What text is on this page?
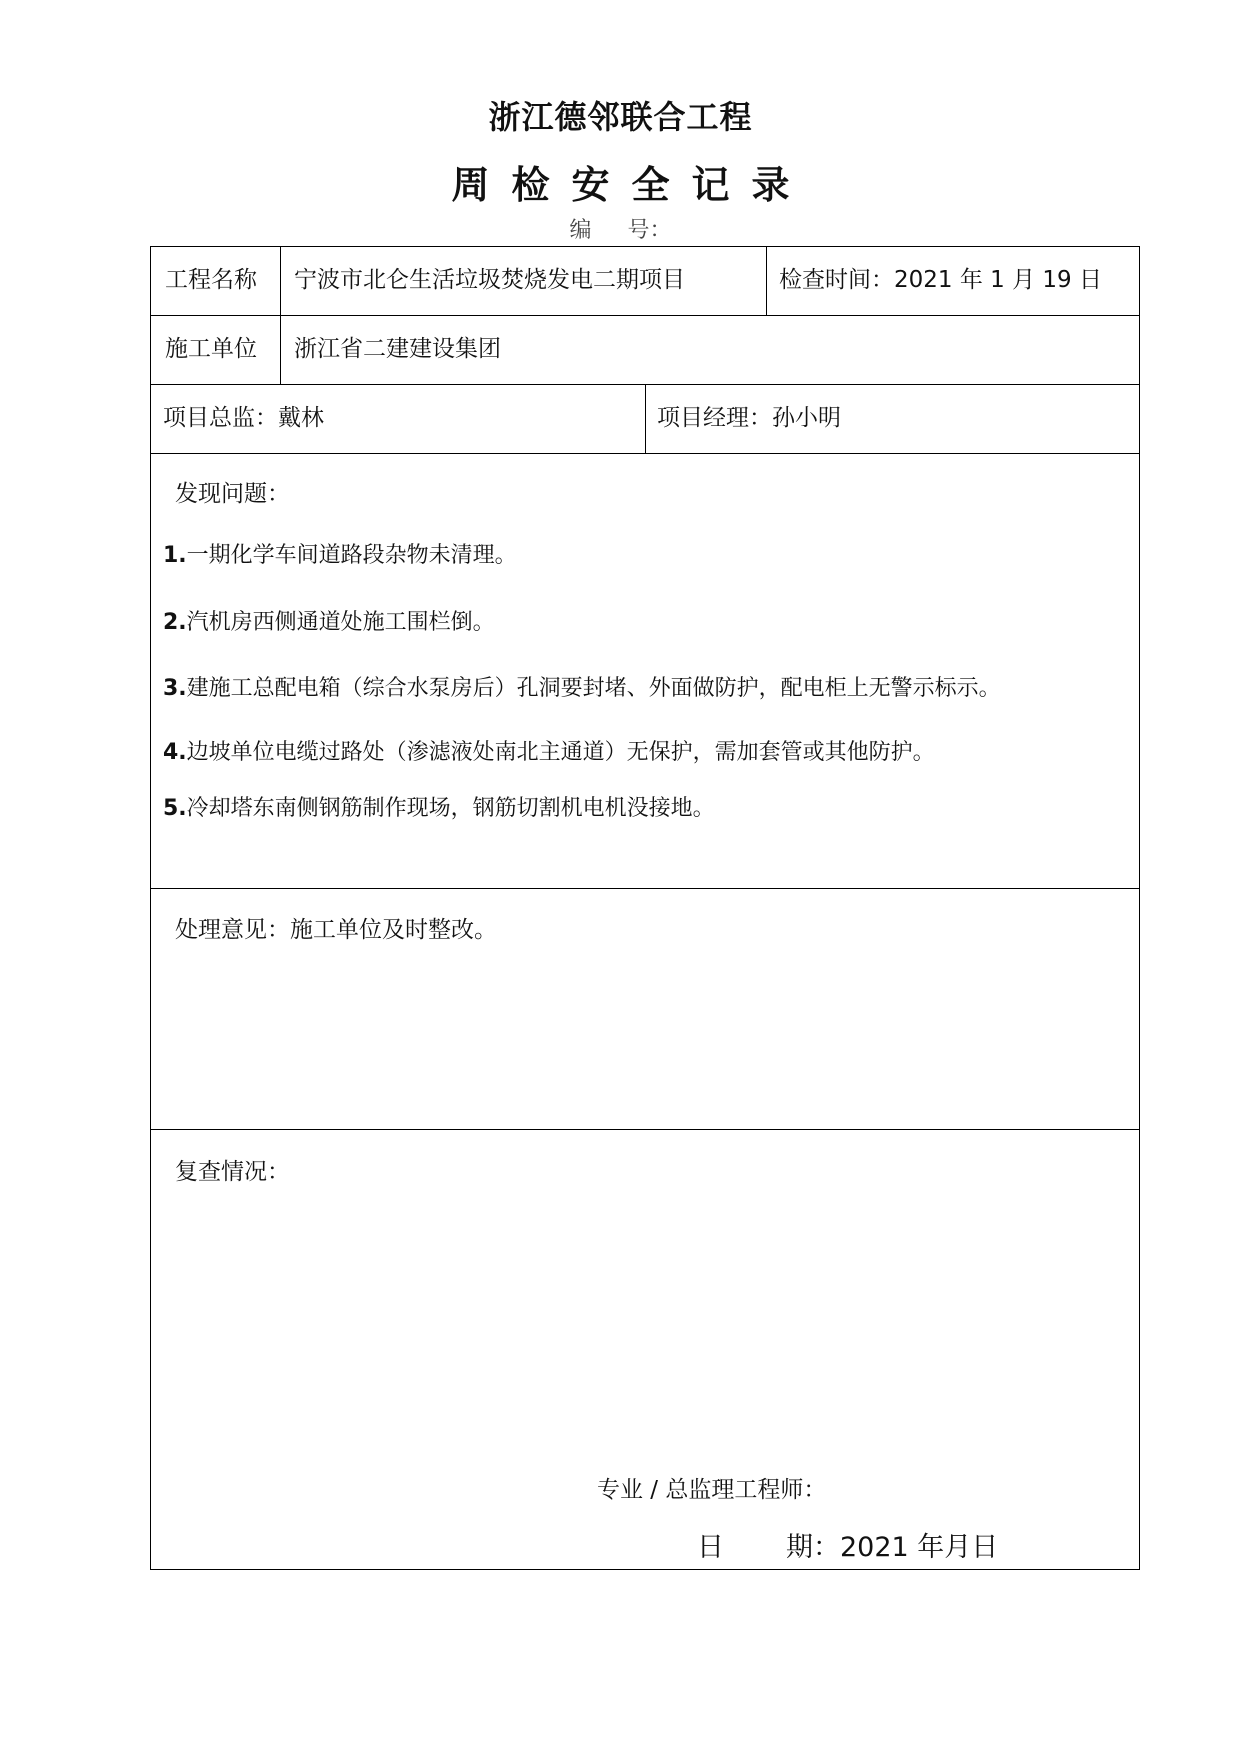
浙江德邻联合工程
周检安全记录
编 号：
工程名称 宁波市北仑生活垃圾焚烧发电二期项目	检查时间：2021 年 1 月 19 日
施工单位 浙江省二建建设集团
项目总监：戴林	项目经理：孙小明
发现问题：
1.一期化学车间道路段杂物未清理。
2.汽机房西侧通道处施工围栏倒。
3.建施工总配电箱（综合水泵房后）孔洞要封堵、外面做防护，配电柜上无警示标示。
4.边坡单位电缆过路处（渗滤液处南北主通道）无保护，需加套管或其他防护。
5.冷却塔东南侧钢筋制作现场，钢筋切割机电机没接地。
处理意见：施工单位及时整改。
复查情况：
专业 / 总监理工程师：
日 期：2021 年月日
